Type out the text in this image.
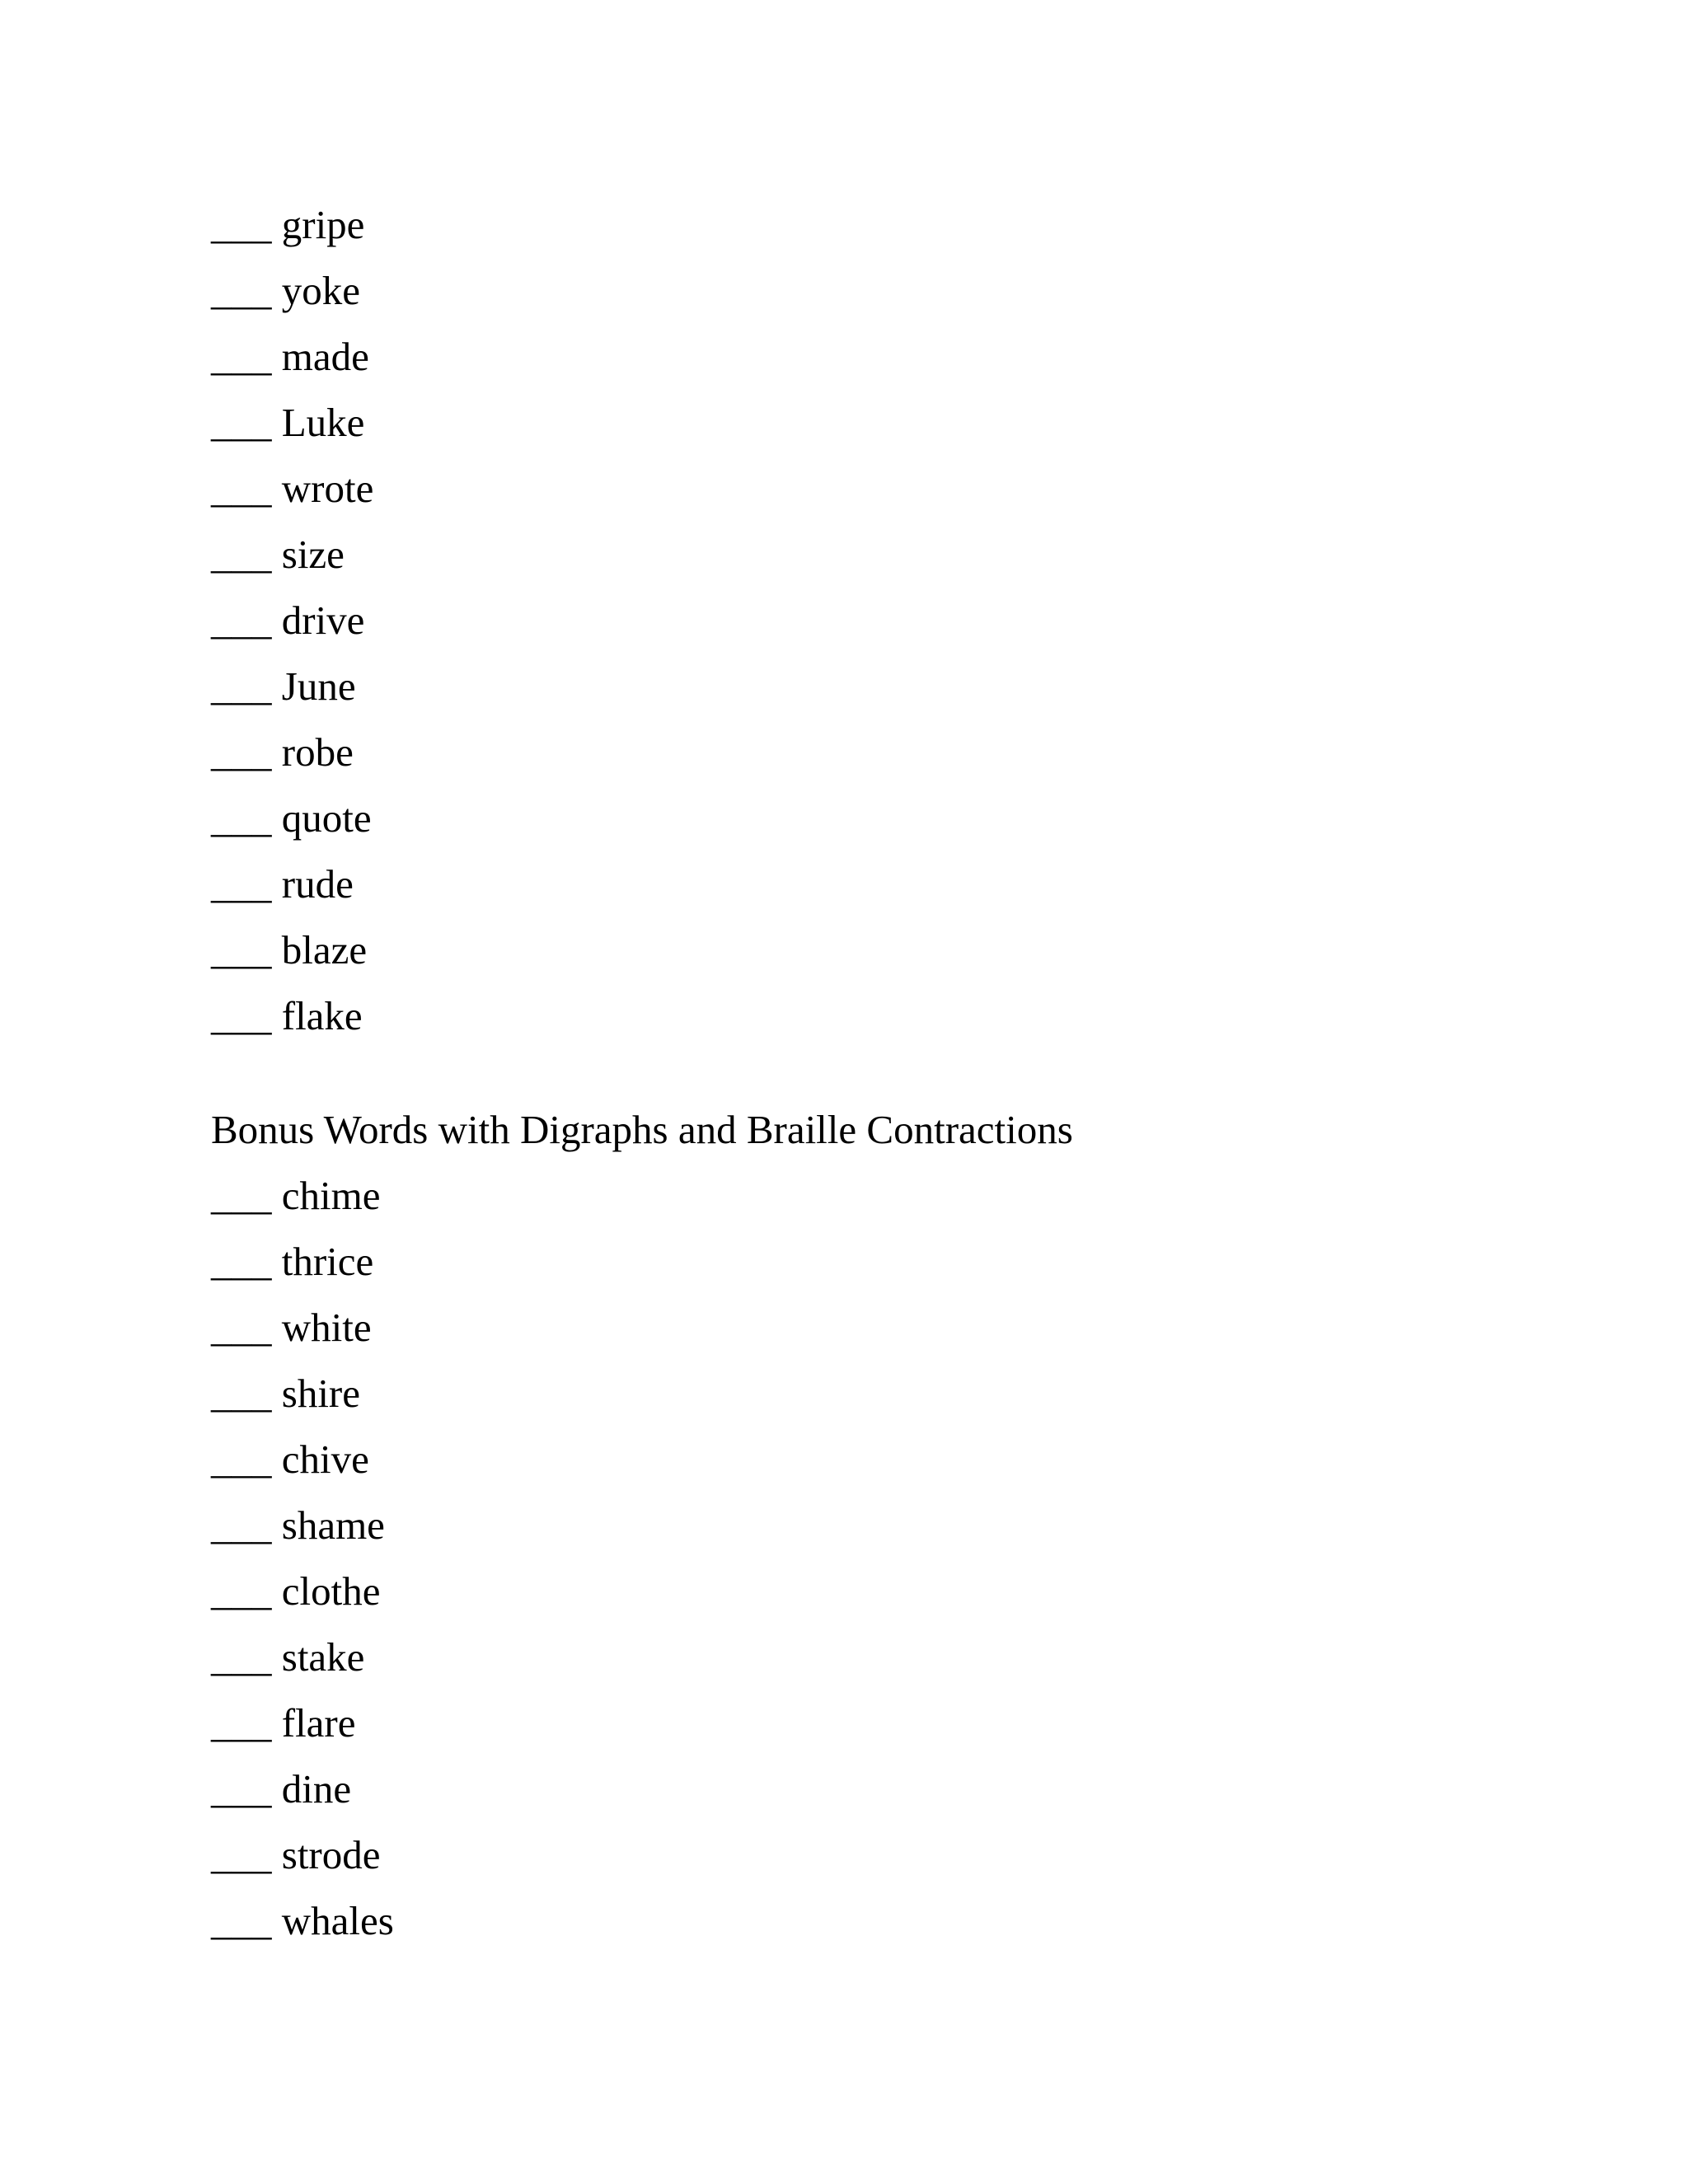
___ gripe
___ yoke
___ made
___ Luke
___ wrote
___ size
___ drive
___ June
___ robe
___ quote
___ rude
___ blaze
___ flake
Bonus Words with Digraphs and Braille Contractions
___ chime
___ thrice
___ white
___ shire
___ chive
___ shame
___ clothe
___ stake
___ flare
___ dine
___ strode
___ whales
